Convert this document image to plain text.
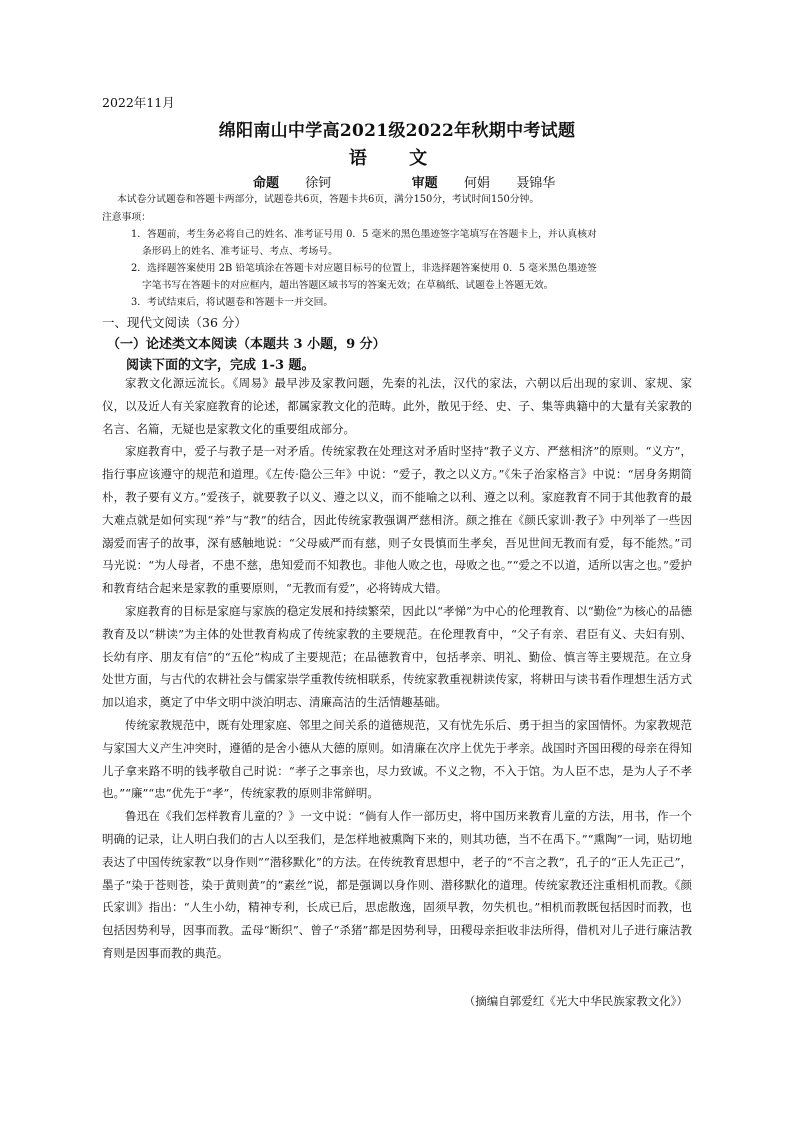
2022年11月
绵阳南山中学高2021级2022年秋期中考试题
语 文
命题 徐钶	审题 何娟 聂锦华
本试卷分试题卷和答题卡两部分，试题卷共6页，答题卡共6页，满分150分，考试时间150分钟。
注意事项：
1．答题前，考生务必将自己的姓名、准考证号用 0．5 毫米的黑色墨迹签字笔填写在答题卡上，并认真核对
条形码上的姓名、准考证号、考点、考场号。
2．选择题答案使用 2B 铅笔填涂在答题卡对应题目标号的位置上，非选择题答案使用 0．5 毫米黑色墨迹签
字笔书写在答题卡的对应框内，超出答题区域书写的答案无效；在草稿纸、试题卷上答题无效。
3．考试结束后，将试题卷和答题卡一并交回。
一、现代文阅读（36 分）
（一）论述类文本阅读（本题共 3 小题，9 分）
阅读下面的文字，完成 1-3 题。

家教文化源远流长。《周易》最早涉及家教问题，先秦的礼法，汉代的家法，六朝以后出现的家训、家规、家仪，以及近人有关家庭教育的论述，都属家教文化的范畴。此外，散见于经、史、子、集等典籍中的大量有关家教的名言、名篇，无疑也是家教文化的重要组成部分。

家庭教育中，爱子与教子是一对矛盾。传统家教在处理这对矛盾时坚持“教子义方、严慈相济”的原则。“义方”，指行事应该遵守的规范和道理。《左传·隐公三年》中说：“爱子，教之以义方。”《朱子治家格言》中说：“居身务期简朴，教子要有义方。”爱孩子，就要教子以义、遵之以义，而不能喻之以利、遵之以利。家庭教育不同于其他教育的最大难点就是如何实现“养”与“教”的结合，因此传统家教强调严慈相济。颜之推在《颜氏家训·教子》中列举了一些因溺爱而害子的故事，深有感触地说：“父母威严而有慈，则子女畏慎而生孝矣，吾见世间无教而有爱，每不能然。”司马光说：“为人母者，不患不慈，患知爱而不知教也。非他人败之也，母败之也。”“爱之不以道，适所以害之也。”爱护和教育结合起来是家教的重要原则，“无教而有爱”，必将铸成大错。

家庭教育的目标是家庭与家族的稳定发展和持续繁荣，因此以“孝悌”为中心的伦理教育、以“勤俭”为核心的品德教育及以“耕读”为主体的处世教育构成了传统家教的主要规范。在伦理教育中，“父子有亲、君臣有义、夫妇有别、长幼有序、朋友有信”的“五伦”构成了主要规范；在品德教育中，包括孝亲、明礼、勤俭、慎言等主要规范。在立身处世方面，与古代的农耕社会与儒家崇学重教传统相联系，传统家教重视耕读传家，将耕田与读书看作理想生活方式加以追求，奠定了中华文明中淡泊明志、清廉高洁的生活情趣基础。

传统家教规范中，既有处理家庭、邻里之间关系的道德规范，又有忧先乐后、勇于担当的家国情怀。为家教规范与家国大义产生冲突时，遵循的是舍小德从大德的原则。如清廉在次序上优先于孝亲。战国时齐国田稷的母亲在得知儿子拿来路不明的钱孝敬自己时说：“孝子之事亲也，尽力致诚。不义之物，不入于馆。为人臣不忠，是为人子不孝也。”“廉”“忠”优先于“孝”，传统家教的原则非常鲜明。

鲁迅在《我们怎样教育儿童的？》一文中说：“倘有人作一部历史，将中国历来教育儿童的方法，用书，作一个明确的记录，让人明白我们的古人以至我们，是怎样地被熏陶下来的，则其功德，当不在禹下。”“熏陶”一词，贴切地表达了中国传统家教“以身作则”“潜移默化”的方法。在传统教育思想中，老子的“不言之教”，孔子的“正人先正己”，墨子“染于苍则苍，染于黄则黄”的“素丝”说，都是强调以身作则、潜移默化的道理。传统家教还注重相机而教。《颜氏家训》指出：“人生小幼，精神专利，长成已后，思虑散逸，固须早教，勿失机也。”相机而教既包括因时而教，也包括因势利导，因事而教。孟母“断织”、曾子“杀猪”都是因势利导，田稷母亲拒收非法所得，借机对儿子进行廉洁教育则是因事而教的典范。

（摘编自郭爱红《光大中华民族家教文化》）
